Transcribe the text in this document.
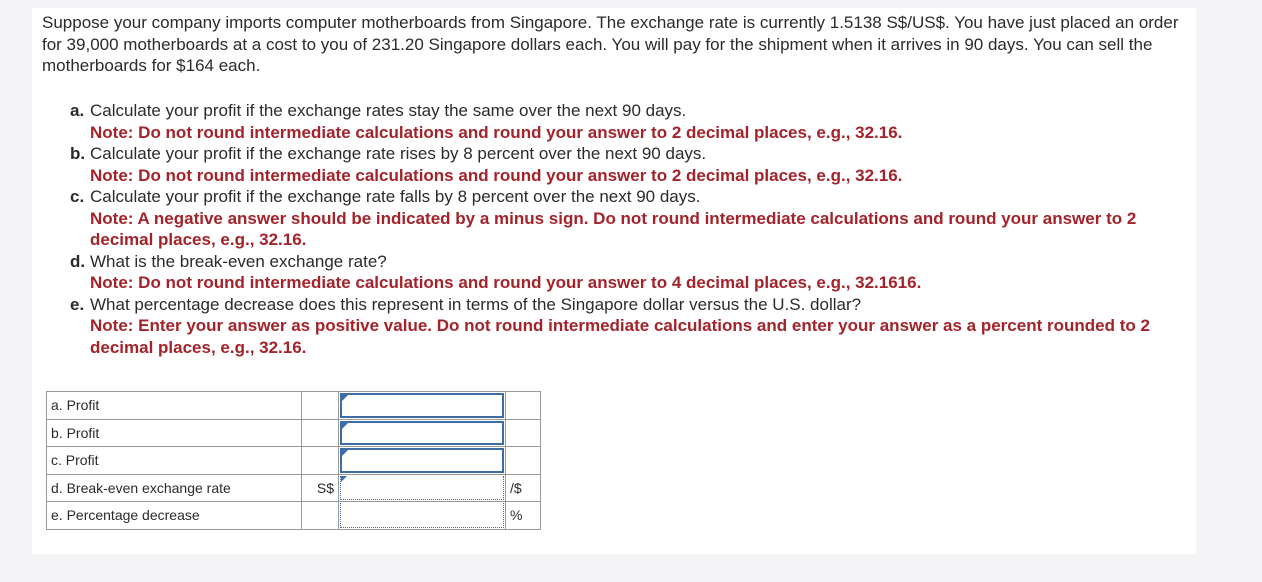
Suppose your company imports computer motherboards from Singapore. The exchange rate is currently 1.5138 S$/US$. You have just placed an order for 39,000 motherboards at a cost to you of 231.20 Singapore dollars each. You will pay for the shipment when it arrives in 90 days. You can sell the motherboards for $164 each.

a. Calculate your profit if the exchange rates stay the same over the next 90 days.
Note: Do not round intermediate calculations and round your answer to 2 decimal places, e.g., 32.16.
b. Calculate your profit if the exchange rate rises by 8 percent over the next 90 days.
Note: Do not round intermediate calculations and round your answer to 2 decimal places, e.g., 32.16.
c. Calculate your profit if the exchange rate falls by 8 percent over the next 90 days.
Note: A negative answer should be indicated by a minus sign. Do not round intermediate calculations and round your answer to 2 decimal places, e.g., 32.16.
d. What is the break-even exchange rate?
Note: Do not round intermediate calculations and round your answer to 4 decimal places, e.g., 32.1616.
e. What percentage decrease does this represent in terms of the Singapore dollar versus the U.S. dollar?
Note: Enter your answer as positive value. Do not round intermediate calculations and enter your answer as a percent rounded to 2 decimal places, e.g., 32.16.
a. Profit		

b. Profit		

c. Profit		

d. Break-even exchange rate	S$		/$
e. Percentage decrease			%
